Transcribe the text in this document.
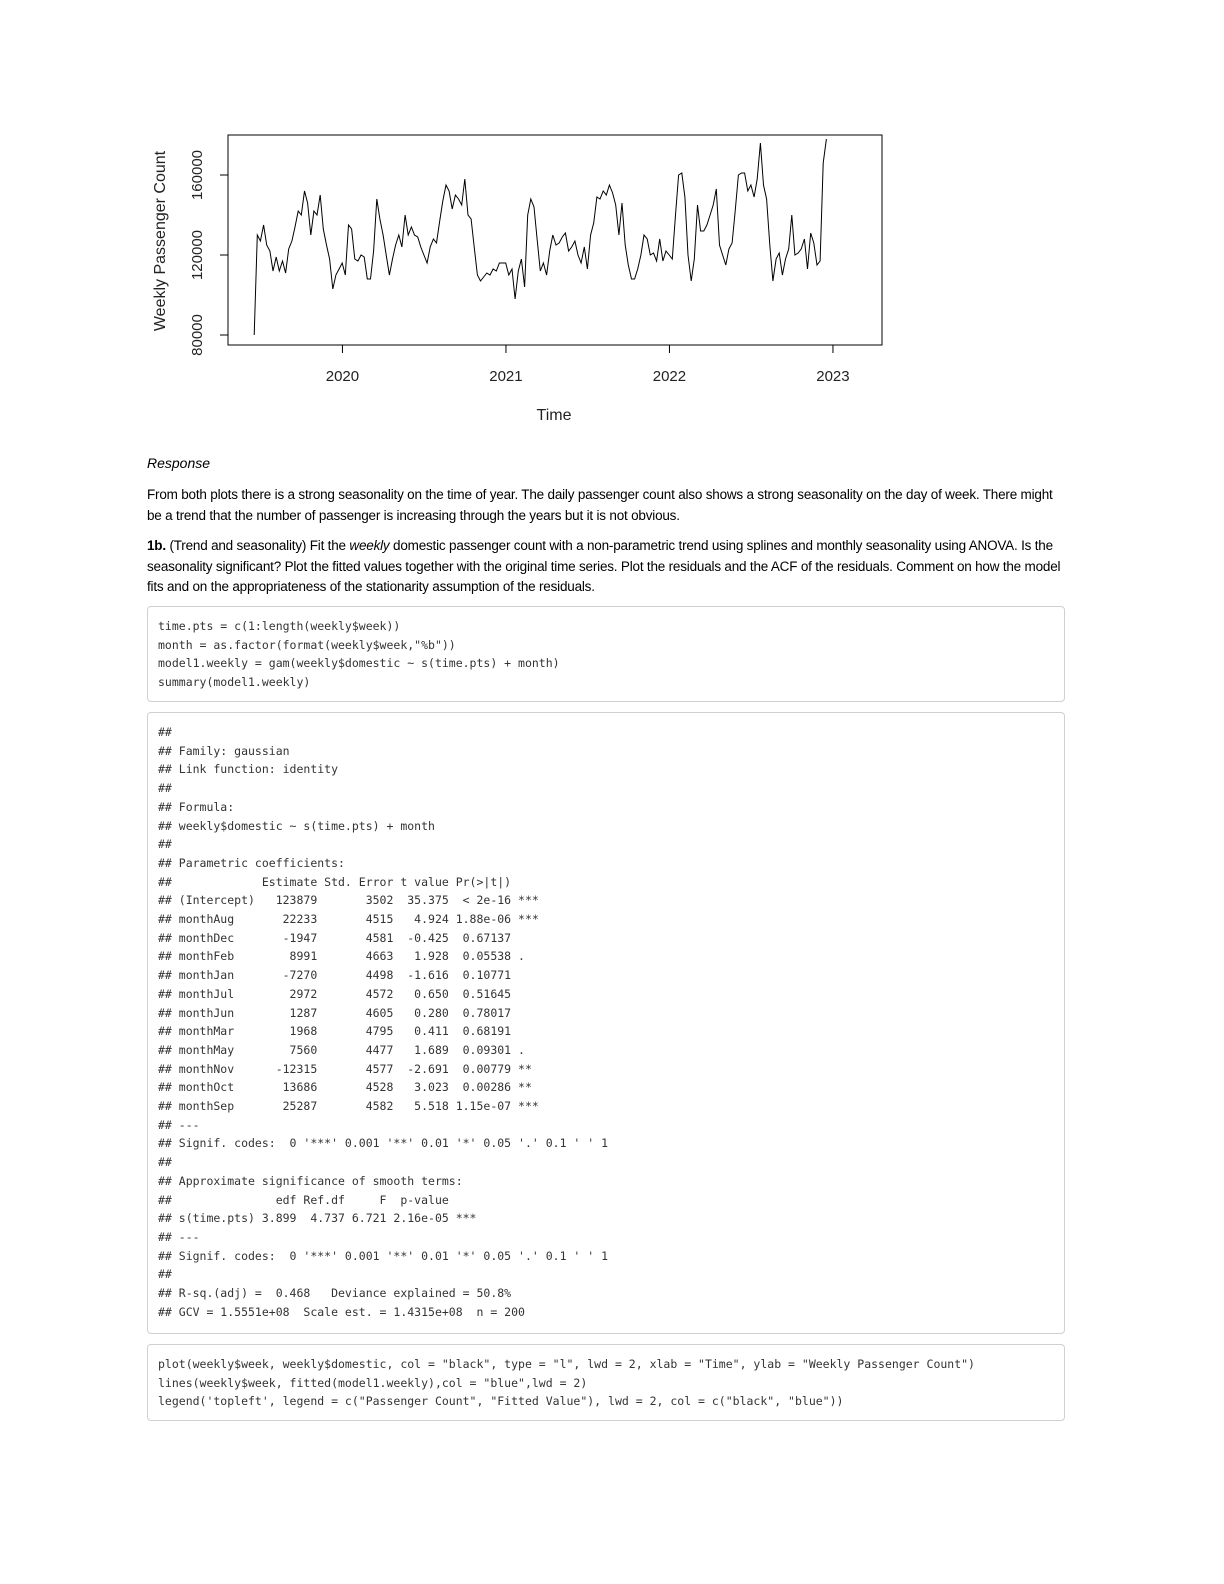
2020	2021	2022	2023
80000
120000
160000
Time
Weekly Passenger Count

Response

From both plots there is a strong seasonality on the time of year. The daily passenger count also shows a strong seasonality on the day of week. There might be a trend that the number of passenger is increasing through the years but it is not obvious.

1b. (Trend and seasonality) Fit the weekly domestic passenger count with a non-parametric trend using splines and monthly seasonality using ANOVA. Is the seasonality significant? Plot the fitted values together with the original time series. Plot the residuals and the ACF of the residuals. Comment on how the model fits and on the appropriateness of the stationarity assumption of the residuals.

time.pts = c(1:length(weekly$week))
month = as.factor(format(weekly$week,"%b"))
model1.weekly = gam(weekly$domestic ~ s(time.pts) + month)
summary(model1.weekly)
##
## Family: gaussian
## Link function: identity
##
## Formula:
## weekly$domestic ~ s(time.pts) + month
##
## Parametric coefficients:
##             Estimate Std. Error t value Pr(>|t|)
## (Intercept)   123879       3502  35.375  < 2e-16 ***
## monthAug       22233       4515   4.924 1.88e-06 ***
## monthDec       -1947       4581  -0.425  0.67137
## monthFeb        8991       4663   1.928  0.05538 .
## monthJan       -7270       4498  -1.616  0.10771
## monthJul        2972       4572   0.650  0.51645
## monthJun        1287       4605   0.280  0.78017
## monthMar        1968       4795   0.411  0.68191
## monthMay        7560       4477   1.689  0.09301 .
## monthNov      -12315       4577  -2.691  0.00779 **
## monthOct       13686       4528   3.023  0.00286 **
## monthSep       25287       4582   5.518 1.15e-07 ***
## ---
## Signif. codes:  0 '***' 0.001 '**' 0.01 '*' 0.05 '.' 0.1 ' ' 1
##
## Approximate significance of smooth terms:
##               edf Ref.df     F  p-value
## s(time.pts) 3.899  4.737 6.721 2.16e-05 ***
## ---
## Signif. codes:  0 '***' 0.001 '**' 0.01 '*' 0.05 '.' 0.1 ' ' 1
##
## R-sq.(adj) =  0.468   Deviance explained = 50.8%
## GCV = 1.5551e+08  Scale est. = 1.4315e+08  n = 200
plot(weekly$week, weekly$domestic, col = "black", type = "l", lwd = 2, xlab = "Time", ylab = "Weekly Passenger Count")
lines(weekly$week, fitted(model1.weekly),col = "blue",lwd = 2)
legend('topleft', legend = c("Passenger Count", "Fitted Value"), lwd = 2, col = c("black", "blue"))
